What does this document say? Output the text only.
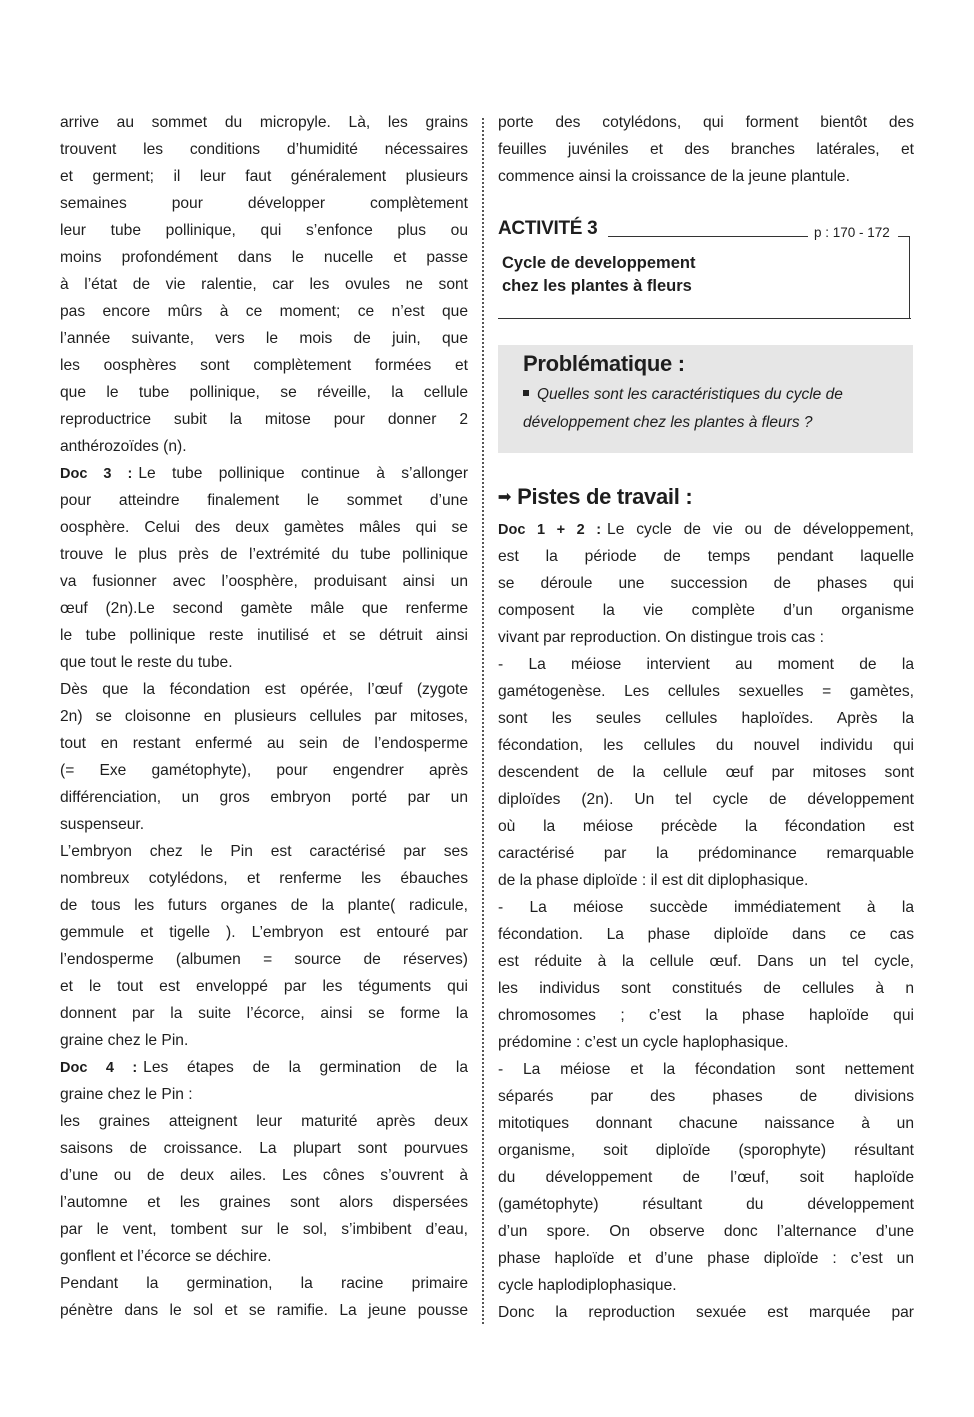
arrive au sommet du micropyle. Là, les grains
trouvent les conditions d’humidité nécessaires
et germent; il leur faut généralement plusieurs
semaines pour développer complètement
leur tube pollinique, qui s’enfonce plus ou
moins profondément dans le nucelle et passe
à l’état de vie ralentie, car les ovules ne sont
pas encore mûrs à ce moment; ce n’est que
l’année suivante, vers le mois de juin, que
les oosphères sont complètement formées et
que le tube pollinique, se réveille, la cellule
reproductrice subit la mitose pour donner 2
anthérozoïdes (n).
Doc 3 : Le tube pollinique continue à s’allonger
pour atteindre finalement le sommet d’une
oosphère. Celui des deux gamètes mâles qui se
trouve le plus près de l’extrémité du tube pollinique
va fusionner avec l’oosphère, produisant ainsi un
œuf (2n).Le second gamète mâle que renferme
le tube pollinique reste inutilisé et se détruit ainsi
que tout le reste du tube.
Dès que la fécondation est opérée, l’œuf (zygote
2n) se cloisonne en plusieurs cellules par mitoses,
tout en restant enfermé au sein de l’endosperme
(= Exe gamétophyte), pour engendrer après
différenciation, un gros embryon porté par un
suspenseur.
L’embryon chez le Pin est caractérisé par ses
nombreux cotylédons, et renferme les ébauches
de tous les futurs organes de la plante( radicule,
gemmule et tigelle ). L’embryon est entouré par
l’endosperme (albumen = source de réserves)
et le tout est enveloppé par les téguments qui
donnent par la suite l’écorce, ainsi se forme la
graine chez le Pin.
Doc 4 : Les étapes de la germination de la
graine chez le Pin :
les graines atteignent leur maturité après deux
saisons de croissance. La plupart sont pourvues
d’une ou de deux ailes. Les cônes s’ouvrent à
l’automne et les graines sont alors dispersées
par le vent, tombent sur le sol, s’imbibent d’eau,
gonflent et l’écorce se déchire.
Pendant la germination, la racine primaire
pénètre dans le sol et se ramifie. La jeune pousse
porte des cotylédons, qui forment bientôt des
feuilles juvéniles et des branches latérales, et
commence ainsi la croissance de la jeune plantule.
ACTIVITÉ 3	p : 170 - 172
Cycle de developpement
chez les plantes à fleurs
Problématique :
Quelles sont les caractéristiques du cycle de développement chez les plantes à fleurs ?
➟ Pistes de travail :
Doc 1 + 2 : Le cycle de vie ou de développement,
est la période de temps pendant laquelle
se déroule une succession de phases qui
composent la vie complète d’un organisme
vivant par reproduction. On distingue trois cas :
- La méiose intervient au moment de la
gamétogenèse. Les cellules sexuelles = gamètes,
sont les seules cellules haploïdes. Après la
fécondation, les cellules du nouvel individu qui
descendent de la cellule œuf par mitoses sont
diploïdes (2n). Un tel cycle de développement
où la méiose précède la fécondation est
caractérisé par la prédominance remarquable
de la phase diploïde : il est dit diplophasique.
- La méiose succède immédiatement à la
fécondation. La phase diploïde dans ce cas
est réduite à la cellule œuf. Dans un tel cycle,
les individus sont constitués de cellules à n
chromosomes ; c’est la phase haploïde qui
prédomine : c’est un cycle haplophasique.
- La méiose et la fécondation sont nettement
séparés par des phases de divisions
mitotiques donnant chacune naissance à un
organisme, soit diploïde (sporophyte) résultant
du développement de l’œuf, soit haploïde
(gamétophyte) résultant du développement
d’un spore. On observe donc l’alternance d’une
phase haploïde et d’une phase diploïde : c’est un
cycle haplodiplophasique.
Donc la reproduction sexuée est marquée par
